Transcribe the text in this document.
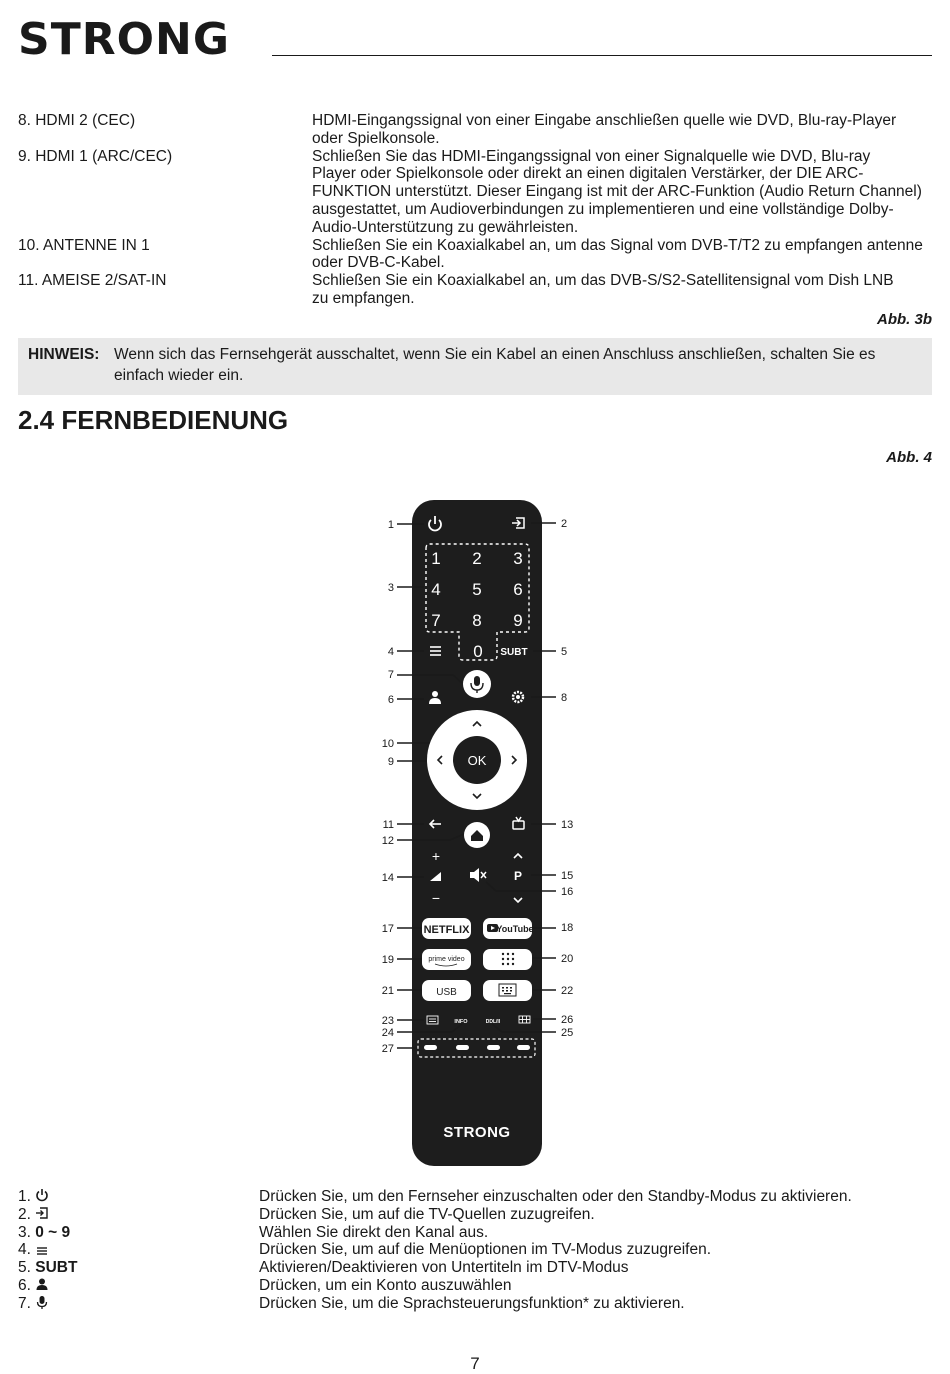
STRONG
8. HDMI 2 (CEC)	HDMI-Eingangssignal von einer Eingabe anschließen quelle wie DVD, Blu-ray-Player
oder Spielkonsole.
9. HDMI 1 (ARC/CEC)	Schließen Sie das HDMI-Eingangssignal von einer Signalquelle wie DVD, Blu-ray
Player oder Spielkonsole oder direkt an einen digitalen Verstärker, der DIE ARC-
FUNKTION unterstützt. Dieser Eingang ist mit der ARC-Funktion (Audio Return Channel)
ausgestattet, um Audioverbindungen zu implementieren und eine vollständige Dolby-
Audio-Unterstützung zu gewährleisten.
10. ANTENNE IN 1	Schließen Sie ein Koaxialkabel an, um das Signal vom DVB-T/T2 zu empfangen antenne
oder DVB-C-Kabel.
11. AMEISE 2/SAT-IN	Schließen Sie ein Koaxialkabel an, um das DVB-S/S2-Satellitensignal vom Dish LNB
zu empfangen.
Abb. 3b
HINWEIS: Wenn sich das Fernsehgerät ausschaltet, wenn Sie ein Kabel an einen Anschluss anschließen, schalten Sie es einfach wieder ein.
2.4 FERNBEDIENUNG
Abb. 4
1	2
3
4	5
6
7
8
9
10
11
12
13
14	15
16
17	18
19	20
21	22
23
24	25
26
27
1 2 3
4 5 6
7 8 9
0 SUBT
OK
+
−
P
NETFLIX	YouTube
prime video
USB
INFO	DDL/II
STRONG
1.	Drücken Sie, um den Fernseher einzuschalten oder den Standby-Modus zu aktivieren.
2.	Drücken Sie, um auf die TV-Quellen zuzugreifen.
3. 0 ~ 9	Wählen Sie direkt den Kanal aus.
4.	Drücken Sie, um auf die Menüoptionen im TV-Modus zuzugreifen.
5. SUBT	Aktivieren/Deaktivieren von Untertiteln im DTV-Modus
6.	Drücken, um ein Konto auszuwählen
7.	Drücken Sie, um die Sprachsteuerungsfunktion* zu aktivieren.
7
